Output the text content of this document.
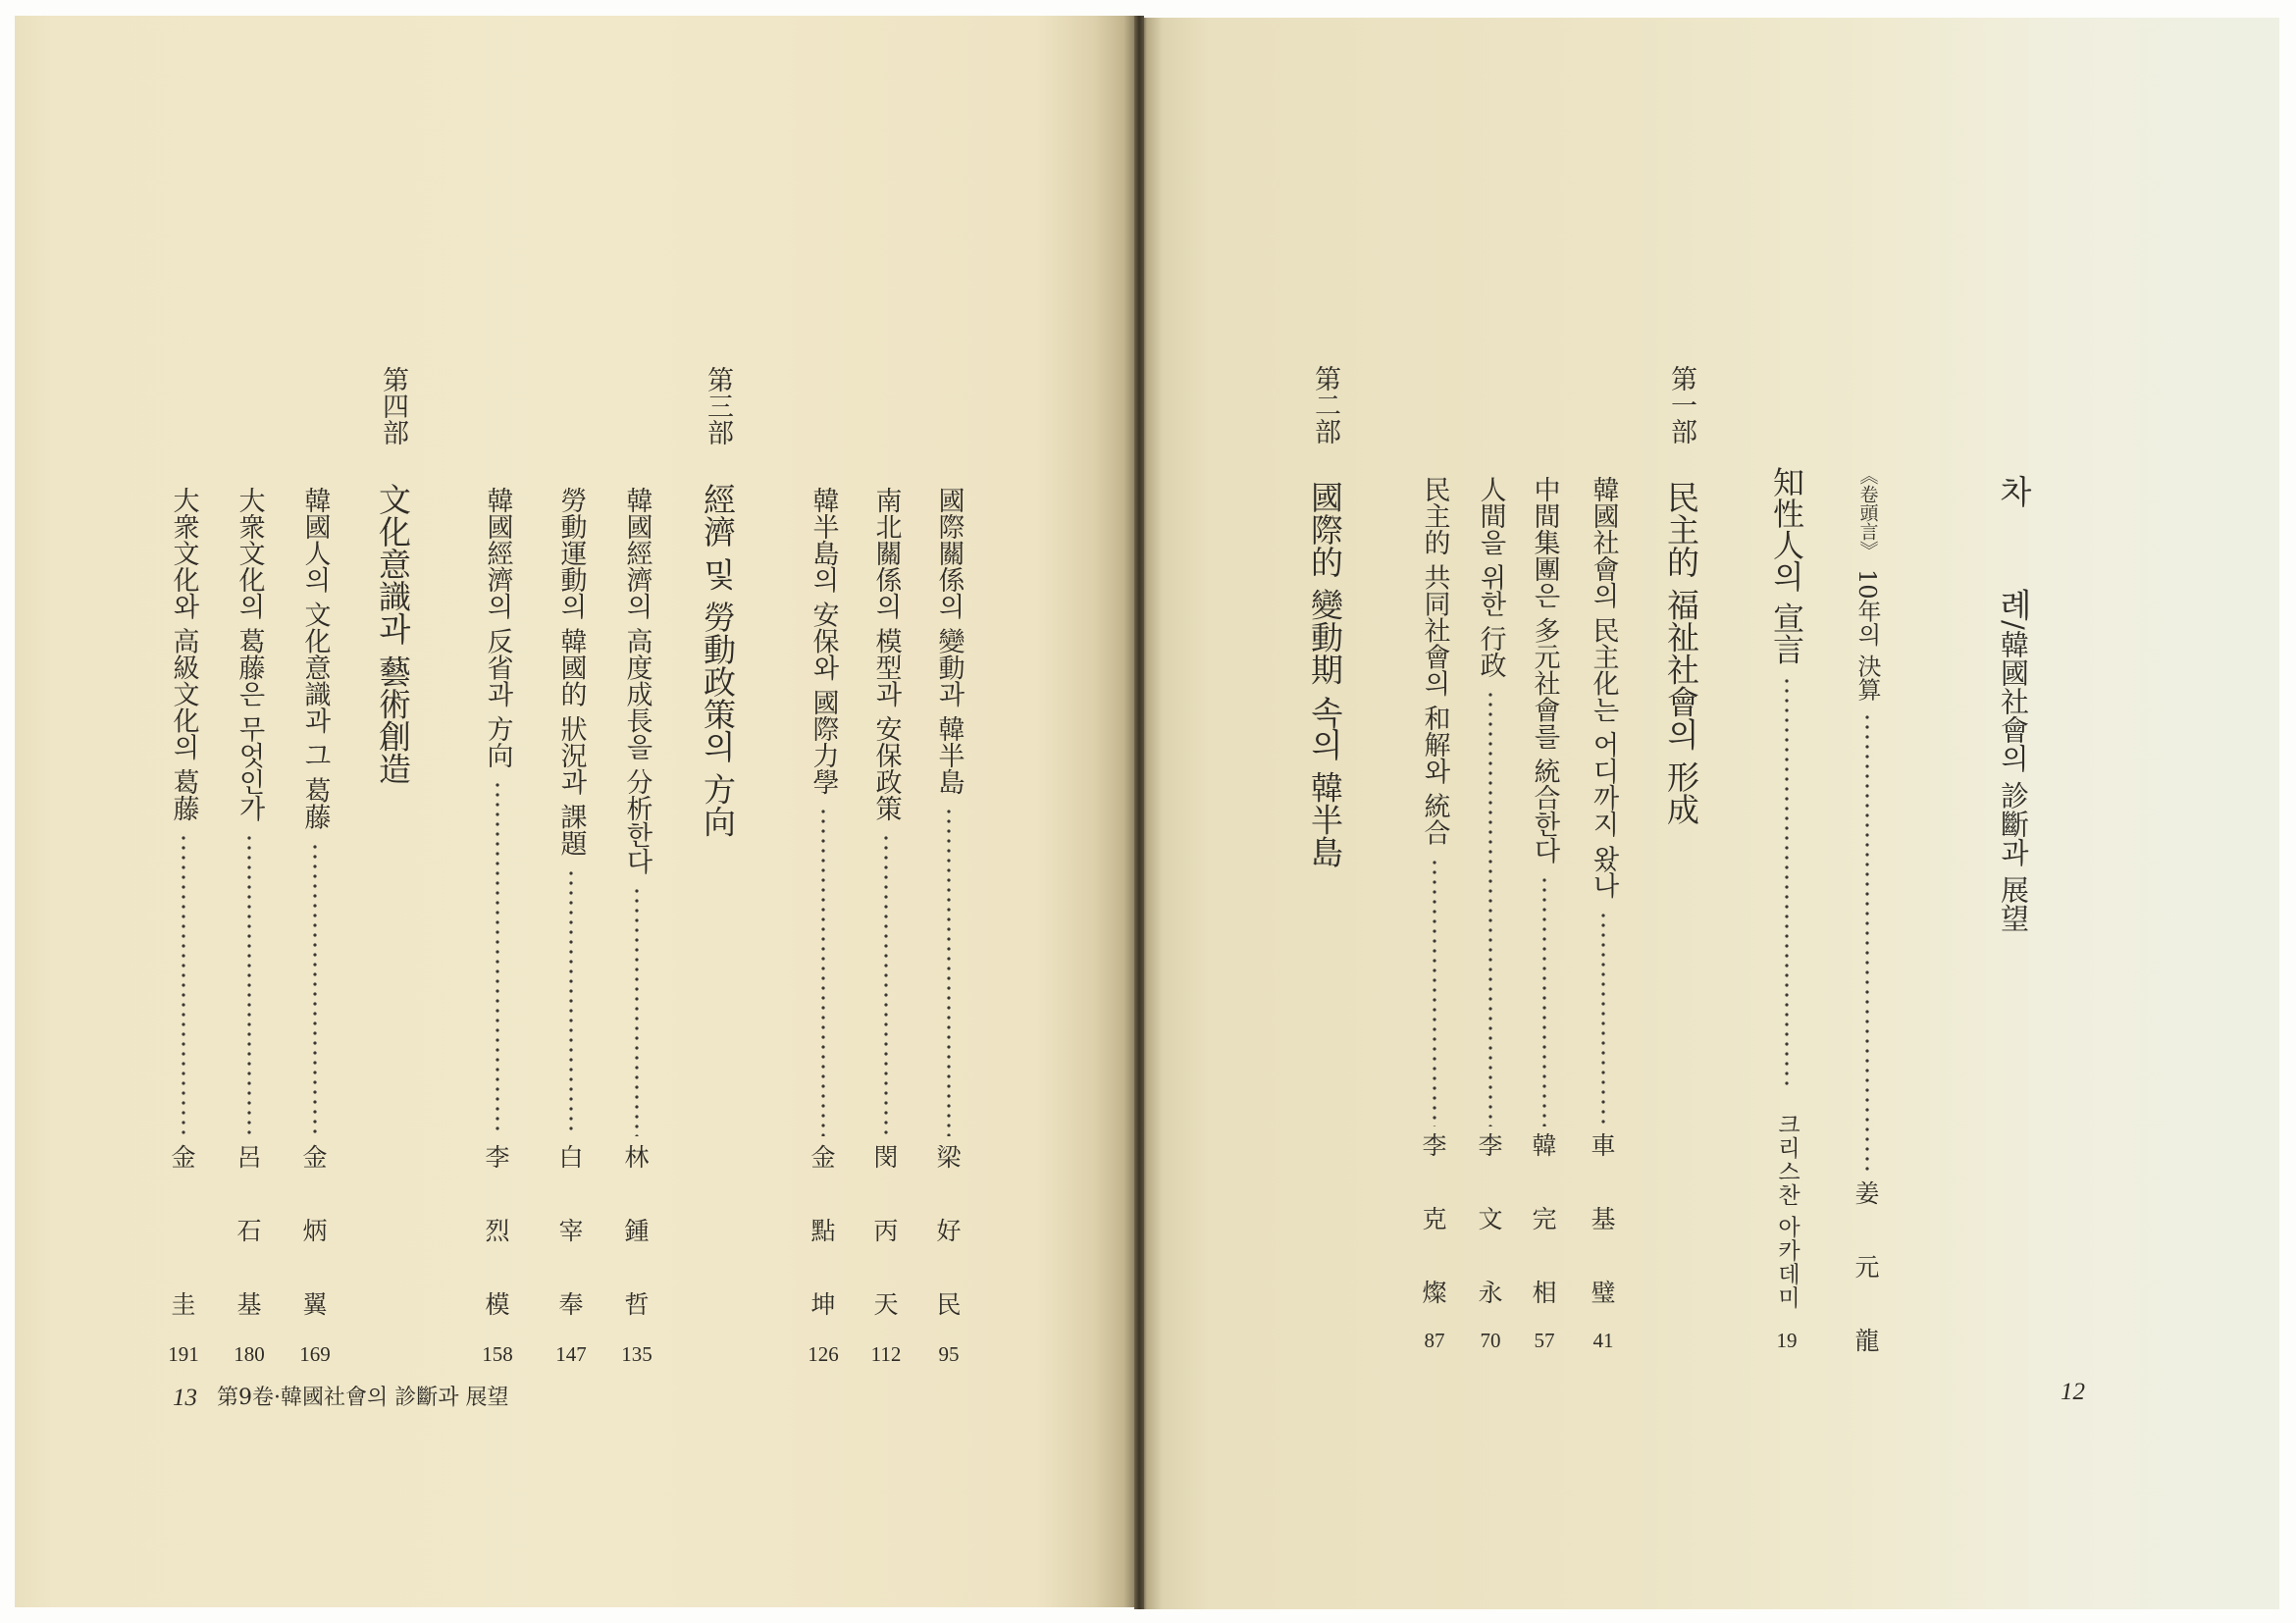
차 례
/韓國社會의 診斷과 展望
《卷頭言》
10年의 決算
姜
元
龍
知性人의 宣言
크리스찬 아카데미
19
第一部
民主的 福祉社會의 形成
韓國社會의 民主化는 어디까지 왔나
車
基
璧
41
中間集團은 多元社會를 統合한다
韓
完
相
57
人間을 위한 行政
李
文
永
70
民主的 共同社會의 和解와 統合
李
克
燦
87
第二部
國際的 變動期 속의 韓半島
12
國際關係의 變動과 韓半島
梁
好
民
95
南北關係의 模型과 安保政策
閔
丙
天
112
韓半島의 安保와 國際力學
金
點
坤
126
第三部
經濟 및 勞動政策의 方向
韓國經濟의 高度成長을 分析한다
林
鍾
哲
135
勞動運動의 韓國的 狀況과 課題
白
宰
奉
147
韓國經濟의 反省과 方向
李
烈
模
158
第四部
文化意識과 藝術創造
韓國人의 文化意識과 그 葛藤
金
炳
翼
169
大衆文化의 葛藤은 무엇인가
呂
石
基
180
大衆文化와 高級文化의 葛藤
金
圭
191
13 第9卷·韓國社會의 診斷과 展望
